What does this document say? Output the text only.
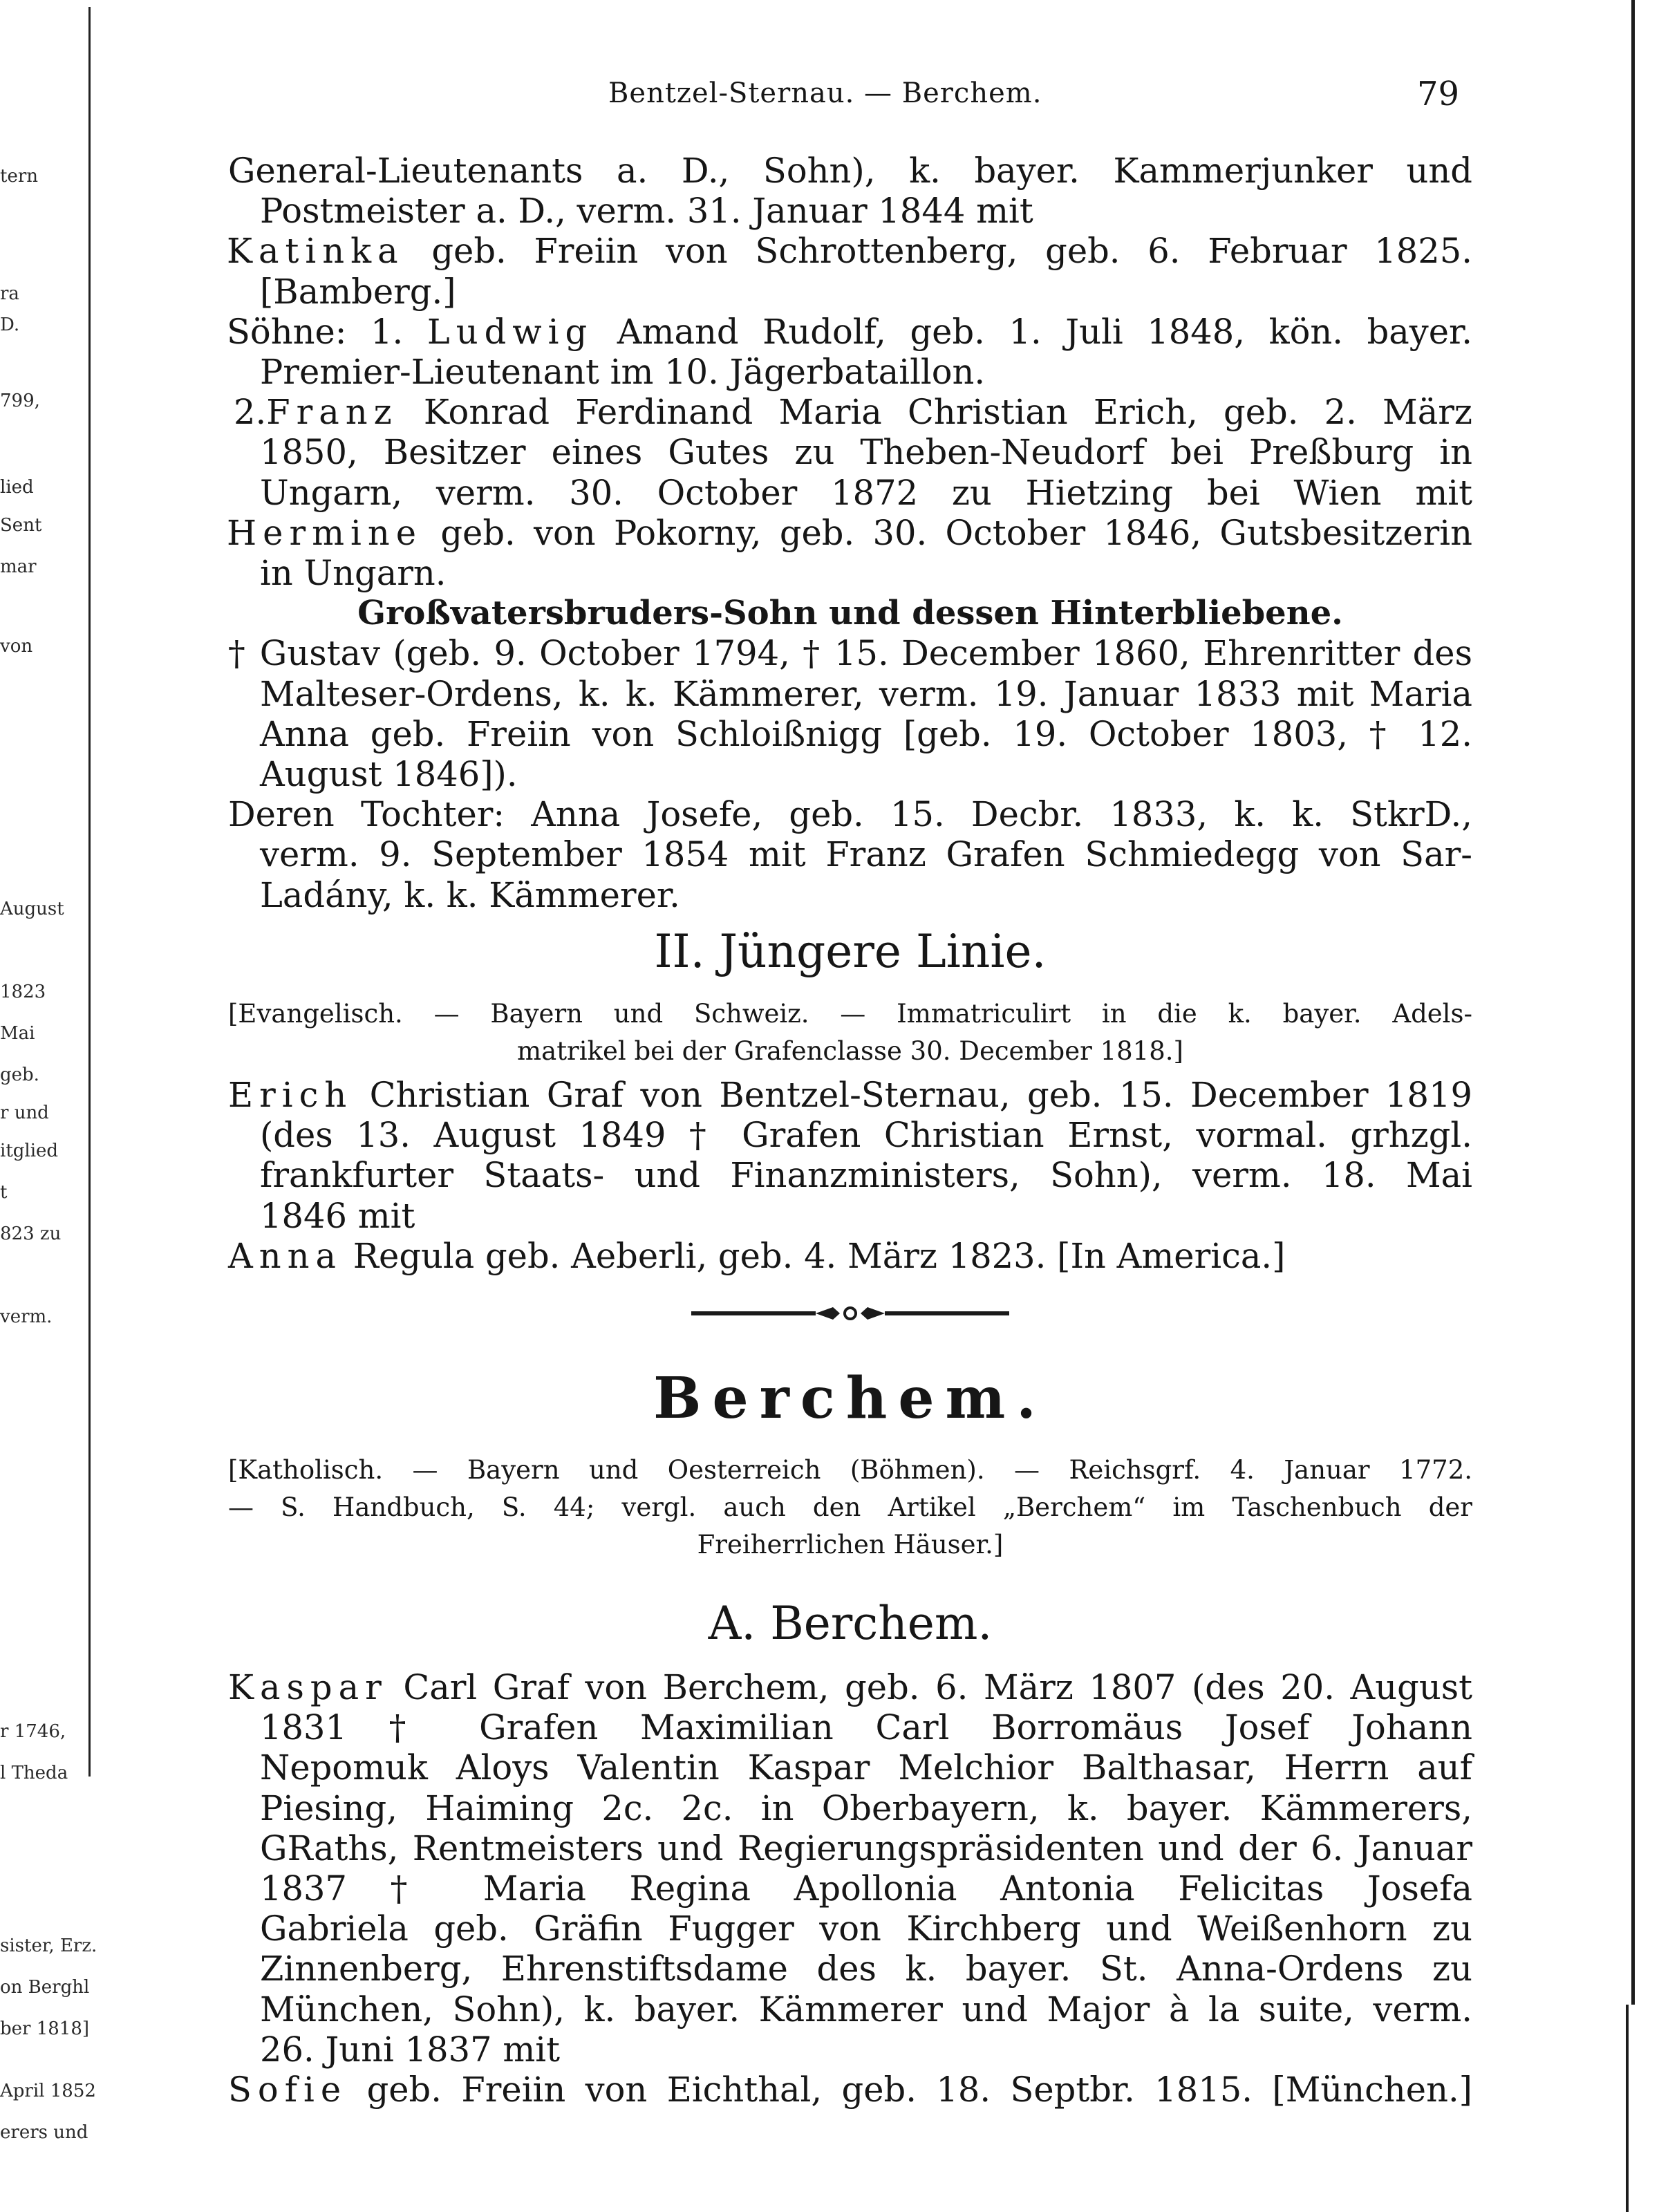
tern
ra
D.
799,
lied
Sent
mar
von
August
1823
Mai
geb.
r und
itglied
t
823 zu
verm.
r 1746,
l Theda
sister, Erz.
on Berghl
ber 1818]
April 1852
erers und
Bentzel-Sternau. — Berchem.	79
General-Lieutenants a. D., Sohn), k. bayer. Kammerjunker und
Postmeister a. D., verm. 31. Januar 1844 mit
Katinka geb. Freiin von Schrottenberg, geb. 6. Februar 1825.
[Bamberg.]
Söhne: 1. Ludwig Amand Rudolf, geb. 1. Juli 1848, kön. bayer.
Premier-Lieutenant im 10. Jägerbataillon.
2.Franz Konrad Ferdinand Maria Christian Erich, geb. 2. März
1850, Besitzer eines Gutes zu Theben-Neudorf bei Preßburg in
Ungarn, verm. 30. October 1872 zu Hietzing bei Wien mit
Hermine geb. von Pokorny, geb. 30. October 1846, Gutsbesitzerin
in Ungarn.
Großvatersbruders-Sohn und dessen Hinterbliebene.
† Gustav (geb. 9. October 1794, † 15. December 1860, Ehrenritter des
Malteser-Ordens, k. k. Kämmerer, verm. 19. Januar 1833 mit Maria
Anna geb. Freiin von Schloißnigg [geb. 19. October 1803, † 12.
August 1846]).
Deren Tochter: Anna Josefe, geb. 15. Decbr. 1833, k. k. StkrD.,
verm. 9. September 1854 mit Franz Grafen Schmiedegg von Sar-
Ladány, k. k. Kämmerer.
II. Jüngere Linie.
[Evangelisch. — Bayern und Schweiz. — Immatriculirt in die k. bayer. Adels-
matrikel bei der Grafenclasse 30. December 1818.]
Erich Christian Graf von Bentzel-Sternau, geb. 15. December 1819
(des 13. August 1849 † Grafen Christian Ernst, vormal. grhzgl.
frankfurter Staats- und Finanzministers, Sohn), verm. 18. Mai
1846 mit
Anna Regula geb. Aeberli, geb. 4. März 1823. [In America.]
Berchem.
[Katholisch. — Bayern und Oesterreich (Böhmen). — Reichsgrf. 4. Januar 1772.
— S. Handbuch, S. 44; vergl. auch den Artikel „Berchem“ im Taschenbuch der
Freiherrlichen Häuser.]
A. Berchem.
Kaspar Carl Graf von Berchem, geb. 6. März 1807 (des 20. August
1831 † Grafen Maximilian Carl Borromäus Josef Johann
Nepomuk Aloys Valentin Kaspar Melchior Balthasar, Herrn auf
Piesing, Haiming 2c. 2c. in Oberbayern, k. bayer. Kämmerers,
GRaths, Rentmeisters und Regierungspräsidenten und der 6. Januar
1837 † Maria Regina Apollonia Antonia Felicitas Josefa
Gabriela geb. Gräfin Fugger von Kirchberg und Weißenhorn zu
Zinnenberg, Ehrenstiftsdame des k. bayer. St. Anna-Ordens zu
München, Sohn), k. bayer. Kämmerer und Major à la suite, verm.
26. Juni 1837 mit
Sofie geb. Freiin von Eichthal, geb. 18. Septbr. 1815. [München.]
